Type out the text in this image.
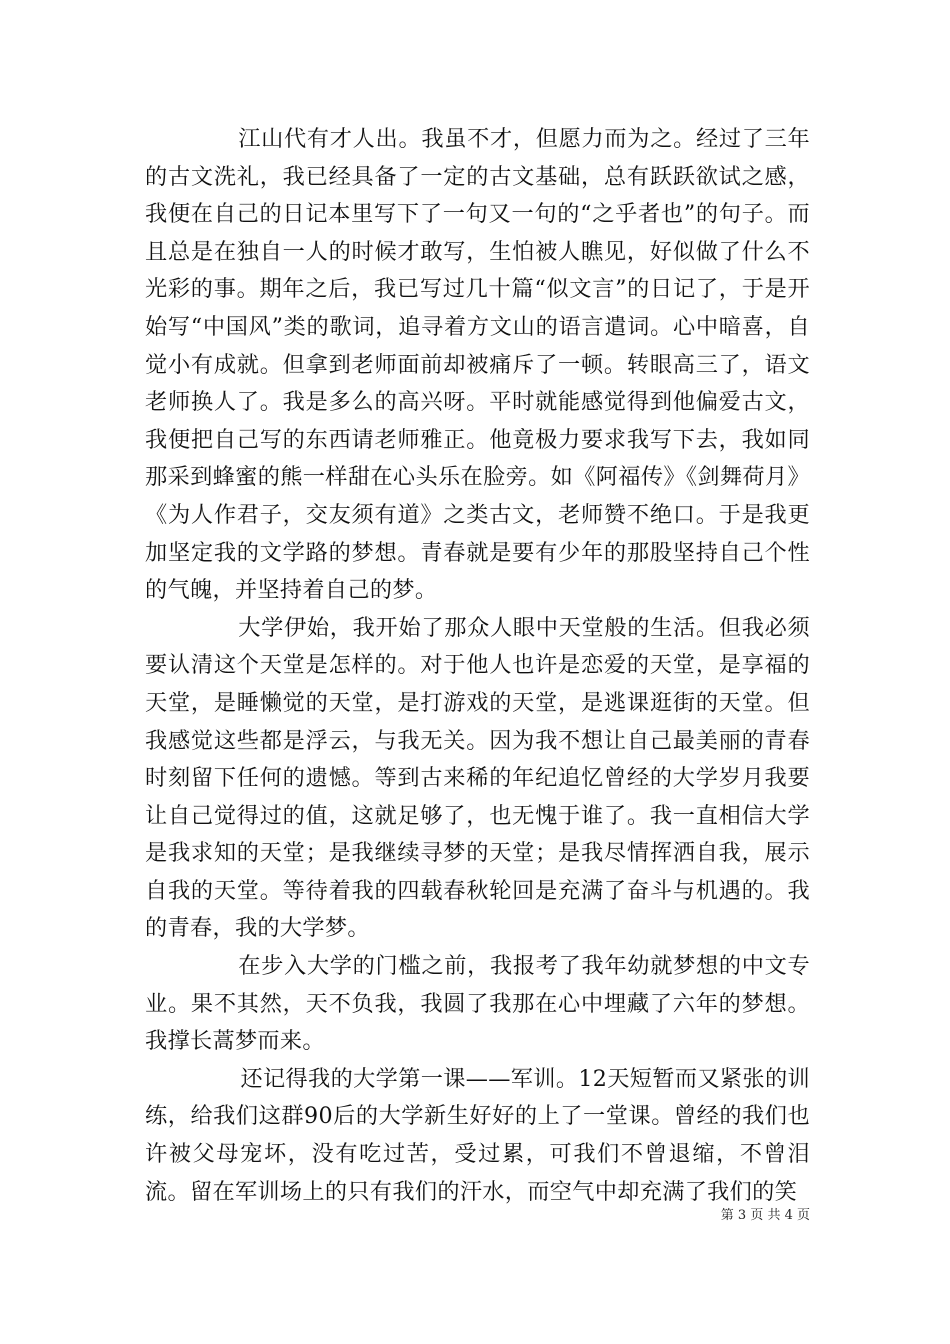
江山代有才人出。我虽不才，但愿力而为之。经过了三年的古文洗礼，我已经具备了一定的古文基础，总有跃跃欲试之感，我便在自己的日记本里写下了一句又一句的“之乎者也”的句子。而且总是在独自一人的时候才敢写，生怕被人瞧见，好似做了什么不光彩的事。期年之后，我已写过几十篇“似文言”的日记了，于是开始写“中国风”类的歌词，追寻着方文山的语言遣词。心中暗喜，自觉小有成就。但拿到老师面前却被痛斥了一顿。转眼高三了，语文老师换人了。我是多么的高兴呀。平时就能感觉得到他偏爱古文，我便把自己写的东西请老师雅正。他竟极力要求我写下去，我如同那采到蜂蜜的熊一样甜在心头乐在脸旁。如《阿福传》《剑舞荷月》《为人作君子，交友须有道》之类古文，老师赞不绝口。于是我更加坚定我的文学路的梦想。青春就是要有少年的那股坚持自己个性的气魄，并坚持着自己的梦。

大学伊始，我开始了那众人眼中天堂般的生活。但我必须要认清这个天堂是怎样的。对于他人也许是恋爱的天堂，是享福的天堂，是睡懒觉的天堂，是打游戏的天堂，是逃课逛街的天堂。但我感觉这些都是浮云，与我无关。因为我不想让自己最美丽的青春时刻留下任何的遗憾。等到古来稀的年纪追忆曾经的大学岁月我要让自己觉得过的值，这就足够了，也无愧于谁了。我一直相信大学是我求知的天堂；是我继续寻梦的天堂；是我尽情挥洒自我，展示自我的天堂。等待着我的四载春秋轮回是充满了奋斗与机遇的。我的青春，我的大学梦。

在步入大学的门槛之前，我报考了我年幼就梦想的中文专业。果不其然，天不负我，我圆了我那在心中埋藏了六年的梦想。我撑长蒿梦而来。

还记得我的大学第一课——军训。12天短暂而又紧张的训练，给我们这群90后的大学新生好好的上了一堂课。曾经的我们也许被父母宠坏，没有吃过苦，受过累，可我们不曾退缩，不曾泪流。留在军训场上的只有我们的汗水，而空气中却充满了我们的笑

第 3 页 共 4 页
